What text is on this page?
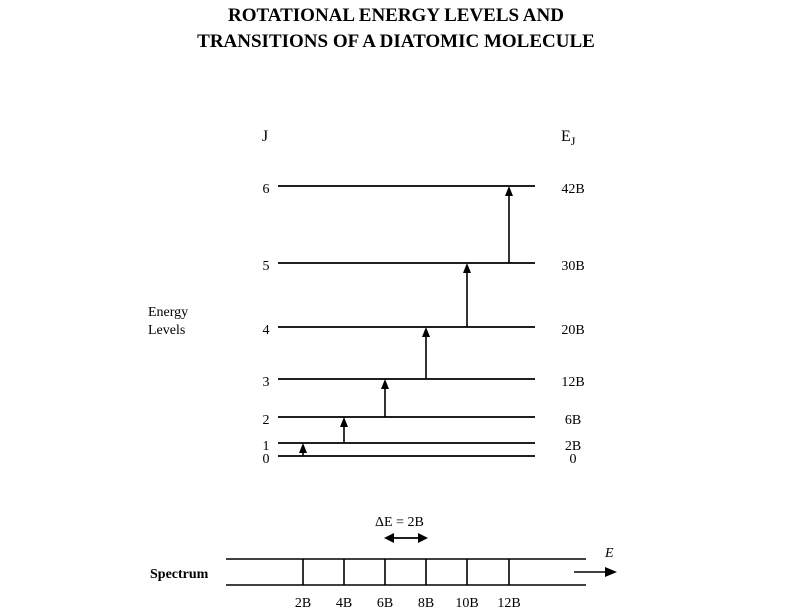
ROTATIONAL ENERGY LEVELS AND
TRANSITIONS OF A DIATOMIC MOLECULE
J	$E_J$
Energy
Levels
0	0
1	2B
2	6B
3	12B
4	20B
5	30B
6	42B
Spectrum
ΔE = 2B
E
2B 4B 6B 8B 10B 12B
